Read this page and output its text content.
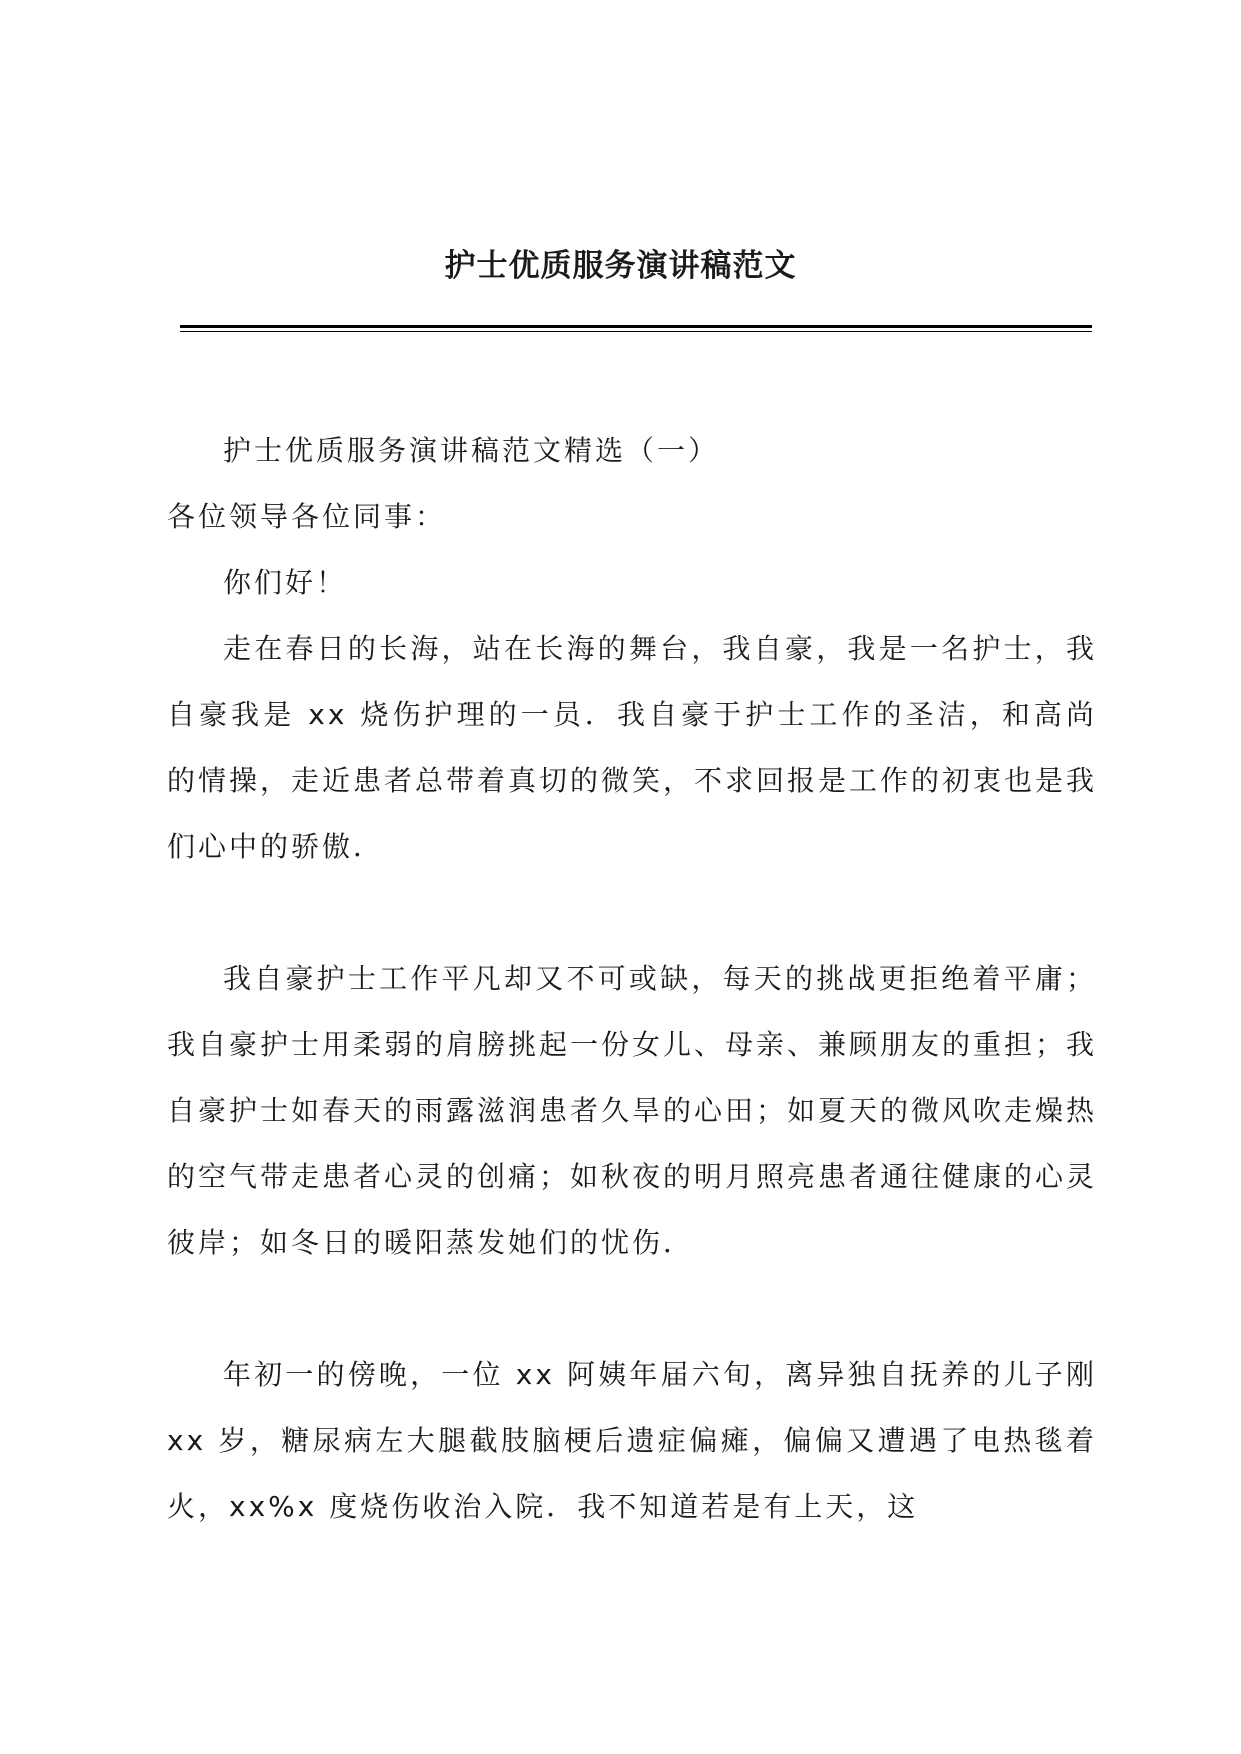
护士优质服务演讲稿范文

护士优质服务演讲稿范文精选（一）

各位领导各位同事：

你们好！

走在春日的长海，站在长海的舞台，我自豪，我是一名护士，我自豪我是 xx 烧伤护理的一员．我自豪于护士工作的圣洁，和高尚的情操，走近患者总带着真切的微笑，不求回报是工作的初衷也是我们心中的骄傲．

我自豪护士工作平凡却又不可或缺，每天的挑战更拒绝着平庸；我自豪护士用柔弱的肩膀挑起一份女儿、母亲、兼顾朋友的重担；我自豪护士如春天的雨露滋润患者久旱的心田；如夏天的微风吹走燥热的空气带走患者心灵的创痛；如秋夜的明月照亮患者通往健康的心灵彼岸；如冬日的暖阳蒸发她们的忧伤．

年初一的傍晚，一位 xx 阿姨年届六旬，离异独自抚养的儿子刚 xx 岁，糖尿病左大腿截肢脑梗后遗症偏瘫，偏偏又遭遇了电热毯着火，xx%x 度烧伤收治入院．我不知道若是有上天，这
